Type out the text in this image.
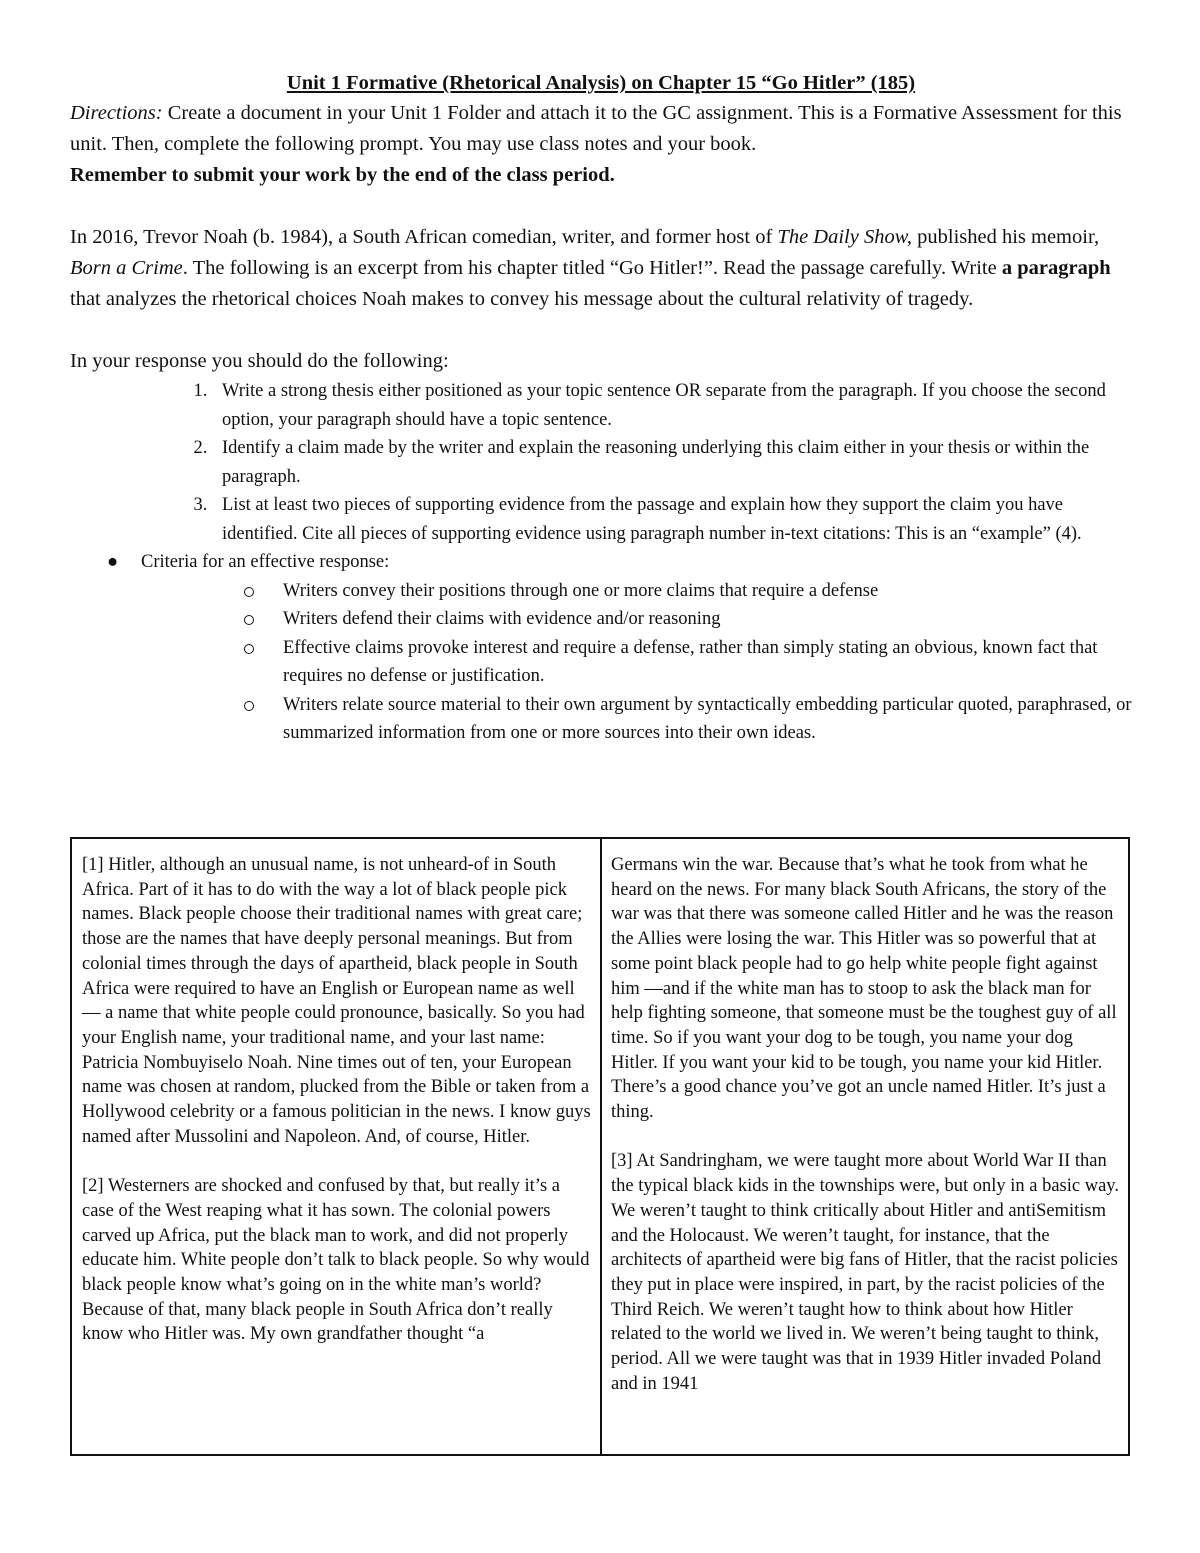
Unit 1 Formative (Rhetorical Analysis) on Chapter 15 “Go Hitler” (185)

Directions: Create a document in your Unit 1 Folder and attach it to the GC assignment. This is a Formative Assessment for this unit. Then, complete the following prompt. You may use class notes and your book.
Remember to submit your work by the end of the class period.

In 2016, Trevor Noah (b. 1984), a South African comedian, writer, and former host of The Daily Show, published his memoir, Born a Crime. The following is an excerpt from his chapter titled “Go Hitler!”. Read the passage carefully. Write a paragraph that analyzes the rhetorical choices Noah makes to convey his message about the cultural relativity of tragedy.

In your response you should do the following:

1. Write a strong thesis either positioned as your topic sentence OR separate from the paragraph. If you choose the second option, your paragraph should have a topic sentence.
2. Identify a claim made by the writer and explain the reasoning underlying this claim either in your thesis or within the paragraph.
3. List at least two pieces of supporting evidence from the passage and explain how they support the claim you have identified. Cite all pieces of supporting evidence using paragraph number in-text citations: This is an “example” (4).
● Criteria for an effective response:
Writers convey their positions through one or more claims that require a defense
Writers defend their claims with evidence and/or reasoning
Effective claims provoke interest and require a defense, rather than simply stating an obvious, known fact that requires no defense or justification.
Writers relate source material to their own argument by syntactically embedding particular quoted, paraphrased, or summarized information from one or more sources into their own ideas.

[1] Hitler, although an unusual name, is not unheard-of in South Africa. Part of it has to do with the way a lot of black people pick names. Black people choose their traditional names with great care; those are the names that have deeply personal meanings. But from colonial times through the days of apartheid, black people in South Africa were required to have an English or European name as well— a name that white people could pronounce, basically. So you had your English name, your traditional name, and your last name: Patricia Nombuyiselo Noah. Nine times out of ten, your European name was chosen at random, plucked from the Bible or taken from a Hollywood celebrity or a famous politician in the news. I know guys named after Mussolini and Napoleon. And, of course, Hitler.

[2] Westerners are shocked and confused by that, but really it’s a case of the West reaping what it has sown. The colonial powers carved up Africa, put the black man to work, and did not properly educate him. White people don’t talk to black people. So why would black people know what’s going on in the white man’s world? Because of that, many black people in South Africa don’t really know who Hitler was. My own grandfather thought “a

Germans win the war. Because that’s what he took from what he heard on the news. For many black South Africans, the story of the war was that there was someone called Hitler and he was the reason the Allies were losing the war. This Hitler was so powerful that at some point black people had to go help white people fight against him —and if the white man has to stoop to ask the black man for help fighting someone, that someone must be the toughest guy of all time. So if you want your dog to be tough, you name your dog Hitler. If you want your kid to be tough, you name your kid Hitler. There’s a good chance you’ve got an uncle named Hitler. It’s just a thing.

[3] At Sandringham, we were taught more about World War II than the typical black kids in the townships were, but only in a basic way. We weren’t taught to think critically about Hitler and antiSemitism and the Holocaust. We weren’t taught, for instance, that the architects of apartheid were big fans of Hitler, that the racist policies they put in place were inspired, in part, by the racist policies of the Third Reich. We weren’t taught how to think about how Hitler related to the world we lived in. We weren’t being taught to think, period. All we were taught was that in 1939 Hitler invaded Poland and in 1941
